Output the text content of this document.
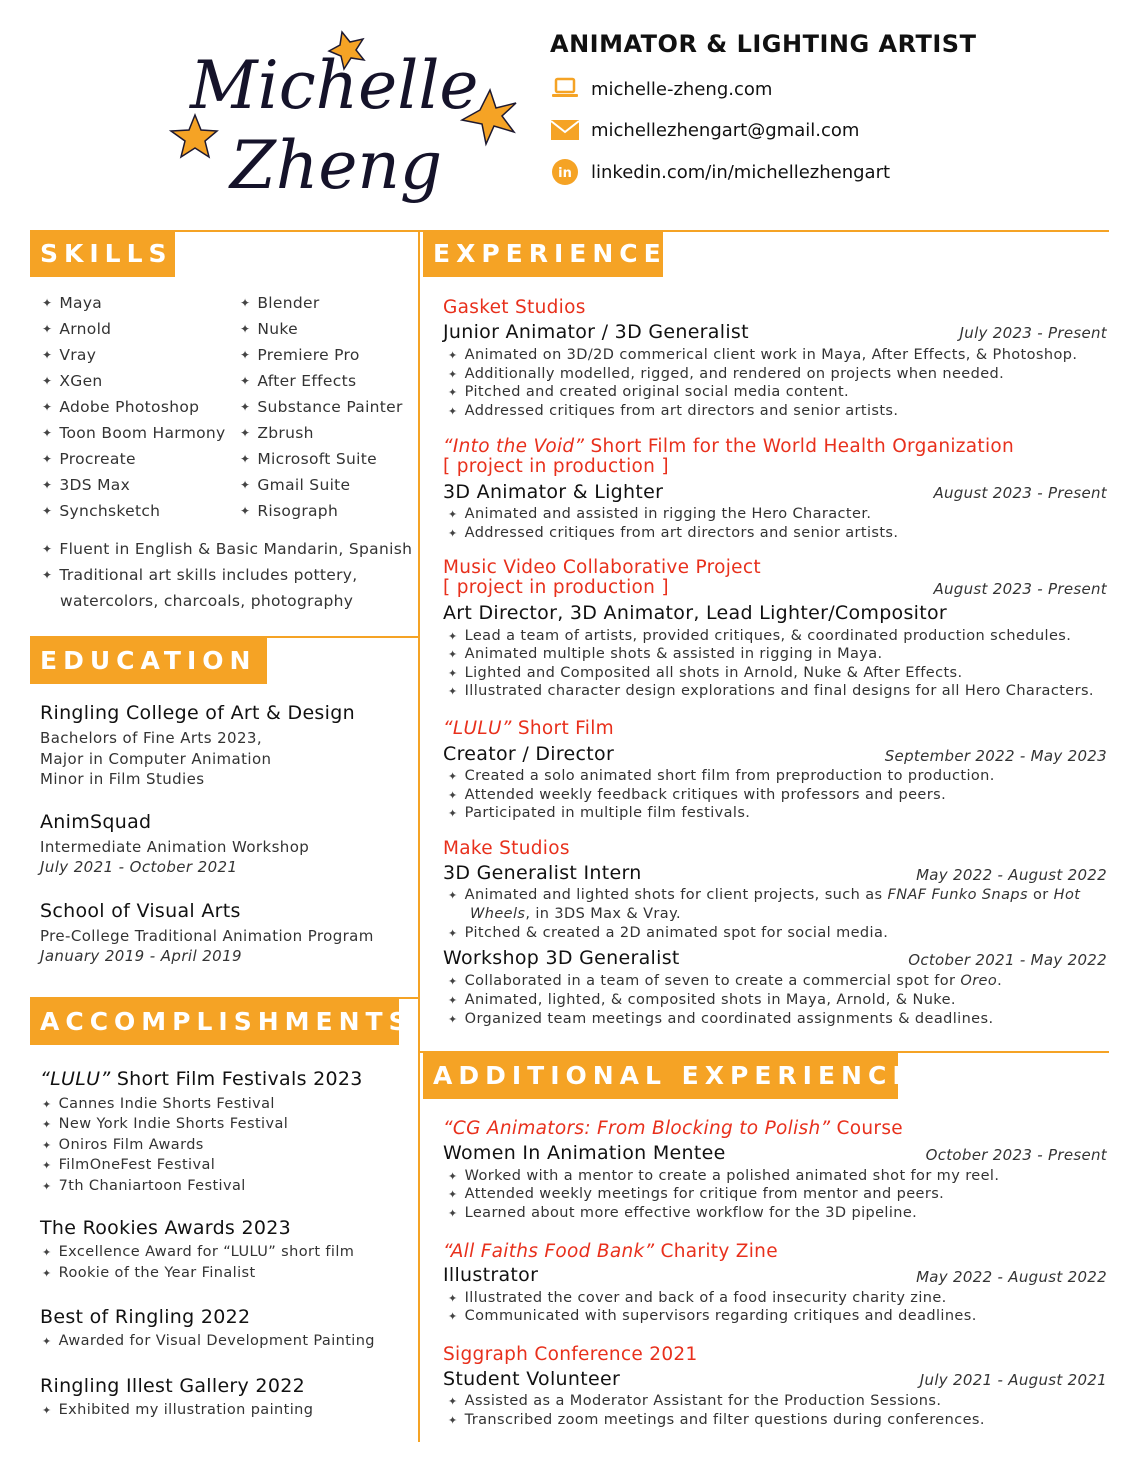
Michelle
Zheng
ANIMATOR & LIGHTING ARTIST
michelle-zheng.com
michellezhengart@gmail.com
in linkedin.com/in/michellezhengart
SKILLS
✦ Maya
✦ Arnold
✦ Vray
✦ XGen
✦ Adobe Photoshop
✦ Toon Boom Harmony
✦ Procreate
✦ 3DS Max
✦ Synchsketch
✦ Blender
✦ Nuke
✦ Premiere Pro
✦ After Effects
✦ Substance Painter
✦ Zbrush
✦ Microsoft Suite
✦ Gmail Suite
✦ Risograph
✦ Fluent in English & Basic Mandarin, Spanish
✦ Traditional art skills includes pottery,
watercolors, charcoals, photography
EDUCATION
Ringling College of Art & Design
Bachelors of Fine Arts 2023,
Major in Computer Animation
Minor in Film Studies
AnimSquad
Intermediate Animation Workshop
July 2021 - October 2021
School of Visual Arts
Pre-College Traditional Animation Program
January 2019 - April 2019
ACCOMPLISHMENTS
“LULU” Short Film Festivals 2023
✦ Cannes Indie Shorts Festival
✦ New York Indie Shorts Festival
✦ Oniros Film Awards
✦ FilmOneFest Festival
✦ 7th Chaniartoon Festival
The Rookies Awards 2023
✦ Excellence Award for “LULU” short film
✦ Rookie of the Year Finalist
Best of Ringling 2022
✦ Awarded for Visual Development Painting
Ringling Illest Gallery 2022
✦ Exhibited my illustration painting
EXPERIENCE
Gasket Studios
Junior Animator / 3D Generalist	July 2023 - Present
✦ Animated on 3D/2D commerical client work in Maya, After Effects, & Photoshop.
✦ Additionally modelled, rigged, and rendered on projects when needed.
✦ Pitched and created original social media content.
✦ Addressed critiques from art directors and senior artists.
“Into the Void” Short Film for the World Health Organization
[ project in production ]
3D Animator & Lighter	August 2023 - Present
✦ Animated and assisted in rigging the Hero Character.
✦ Addressed critiques from art directors and senior artists.
Music Video Collaborative Project
[ project in production ]	August 2023 - Present
Art Director, 3D Animator, Lead Lighter/Compositor
✦ Lead a team of artists, provided critiques, & coordinated production schedules.
✦ Animated multiple shots & assisted in rigging in Maya.
✦ Lighted and Composited all shots in Arnold, Nuke & After Effects.
✦ Illustrated character design explorations and final designs for all Hero Characters.
“LULU” Short Film
Creator / Director	September 2022 - May 2023
✦ Created a solo animated short film from preproduction to production.
✦ Attended weekly feedback critiques with professors and peers.
✦ Participated in multiple film festivals.
Make Studios
3D Generalist Intern	May 2022 - August 2022
✦ Animated and lighted shots for client projects, such as FNAF Funko Snaps or Hot
Wheels, in 3DS Max & Vray.
✦ Pitched & created a 2D animated spot for social media.
Workshop 3D Generalist	October 2021 - May 2022
✦ Collaborated in a team of seven to create a commercial spot for Oreo.
✦ Animated, lighted, & composited shots in Maya, Arnold, & Nuke.
✦ Organized team meetings and coordinated assignments & deadlines.
ADDITIONAL EXPERIENCE
“CG Animators: From Blocking to Polish” Course
Women In Animation Mentee	October 2023 - Present
✦ Worked with a mentor to create a polished animated shot for my reel.
✦ Attended weekly meetings for critique from mentor and peers.
✦ Learned about more effective workflow for the 3D pipeline.
“All Faiths Food Bank” Charity Zine
Illustrator	May 2022 - August 2022
✦ Illustrated the cover and back of a food insecurity charity zine.
✦ Communicated with supervisors regarding critiques and deadlines.
Siggraph Conference 2021
Student Volunteer	July 2021 - August 2021
✦ Assisted as a Moderator Assistant for the Production Sessions.
✦ Transcribed zoom meetings and filter questions during conferences.
